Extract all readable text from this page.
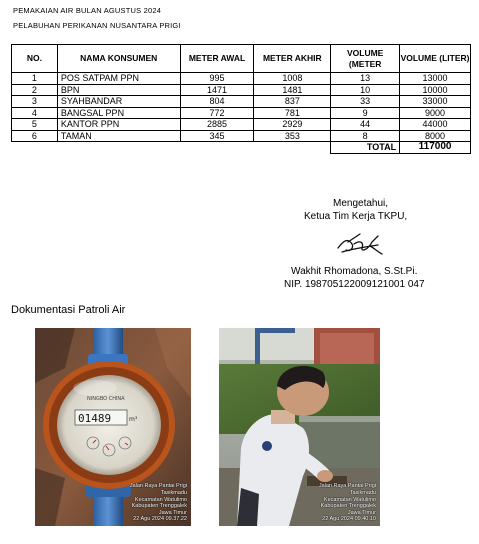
PEMAKAIAN AIR BULAN AGUSTUS 2024
PELABUHAN PERIKANAN NUSANTARA PRIGI
NO.	NAMA KONSUMEN	METER AWAL	METER AKHIR	VOLUME (METER	VOLUME (LITER)
1	POS SATPAM PPN	995	1008	13	13000
2	BPN	1471	1481	10	10000
3	SYAHBANDAR	804	837	33	33000
4	BANGSAL PPN	772	781	9	9000
5	KANTOR PPN	2885	2929	44	44000
6	TAMAN	345	353	8	8000
				TOTAL	117000
Mengetahui,
Ketua Tim Kerja TKPU,
Wakhit Rhomadona, S.St.Pi.
NIP. 198705122009121001 047
Dokumentasi Patroli Air
NINGBO CHINA
01489	m³
Jalan Raya Pantai Prigi
Tasikmadu
Kecamatan Watulimo
Kabupaten Trenggalek
Jawa Timur
22 Agu 2024 09.37.22
Jalan Raya Pantai Prigi
Tasikmadu
Kecamatan Watulimo
Kabupaten Trenggalek
Jawa Timur
22 Agu 2024 09.40.10
